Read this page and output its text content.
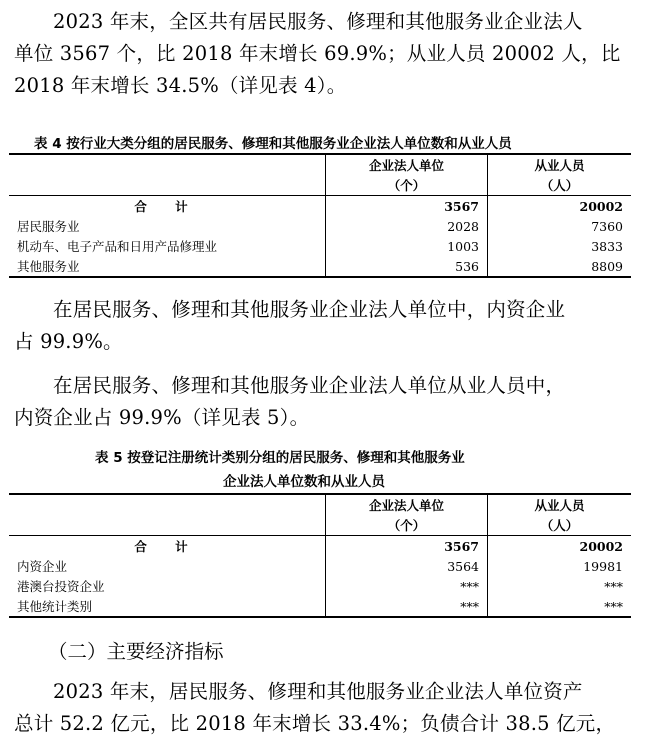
2023 年末，全区共有居民服务、修理和其他服务业企业法人
单位 3567 个，比 2018 年末增长 69.9%；从业人员 20002 人，比
2018 年末增长 34.5%（详见表 4）。
表 4 按行业大类分组的居民服务、修理和其他服务业企业法人单位数和从业人员
	企业法人单位	从业人员
	（个）	（人）
合 计	3567	20002
居民服务业	2028	7360
机动车、电子产品和日用产品修理业	1003	3833
其他服务业	536	8809
在居民服务、修理和其他服务业企业法人单位中，内资企业
占 99.9%。
在居民服务、修理和其他服务业企业法人单位从业人员中，
内资企业占 99.9%（详见表 5）。
表 5 按登记注册统计类别分组的居民服务、修理和其他服务业
企业法人单位数和从业人员
	企业法人单位	从业人员
	（个）	（人）
合 计	3567	20002
内资企业	3564	19981
港澳台投资企业	***	***
其他统计类别	***	***
（二）主要经济指标
2023 年末，居民服务、修理和其他服务业企业法人单位资产
总计 52.2 亿元，比 2018 年末增长 33.4%；负债合计 38.5 亿元，
